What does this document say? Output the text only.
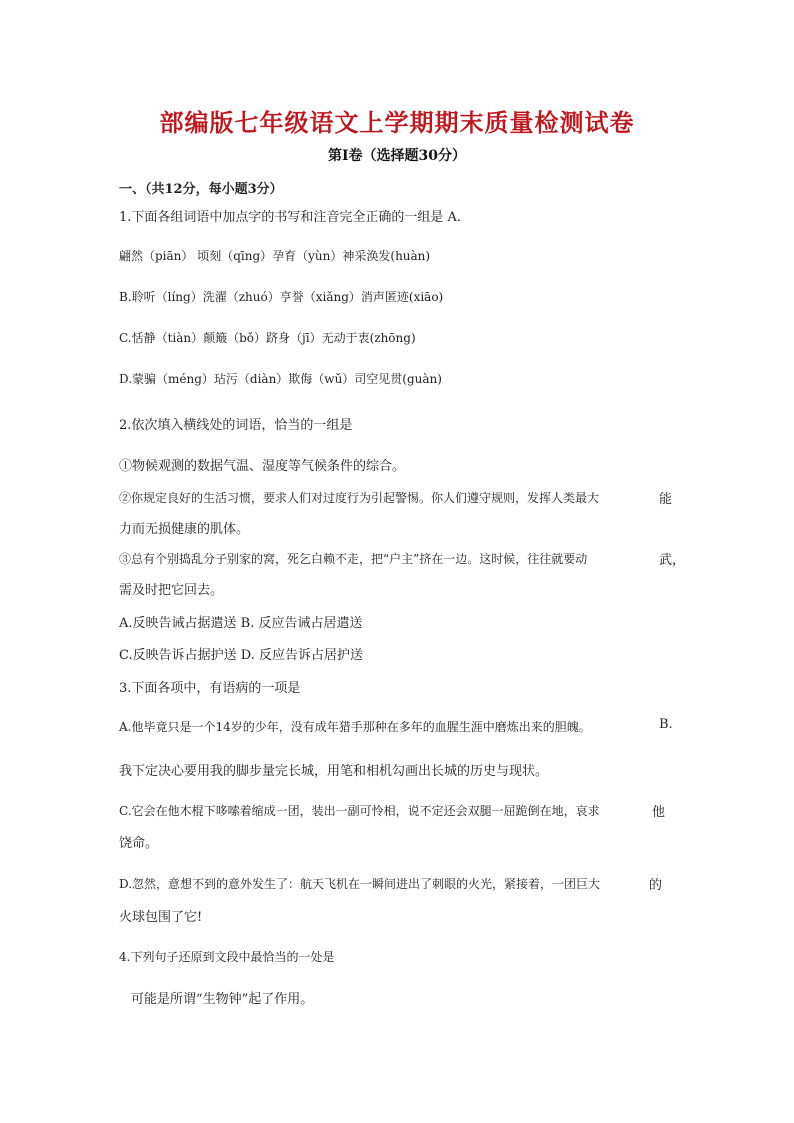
部编版七年级语文上学期期末质量检测试卷
第Ⅰ卷（选择题30分）
一、（共12分，每小题3分）
1.下面各组词语中加点字的书写和注音完全正确的一组是 A.
翩然（piān） 顷刻（qīng）孕育（yùn）神采涣发(huàn)
B.聆听（líng）洗濯（zhuó）亨誉（xiǎng）消声匿迹(xiāo)
C.恬静（tiàn）颠簸（bǒ）跻身（jī）无动于衷(zhōng)
D.蒙骗（méng）玷污（diàn）欺侮（wǔ）司空见贯(guàn)
2.依次填入横线处的词语，恰当的一组是
①物候观测的数据气温、湿度等气候条件的综合。
②你规定良好的生活习惯，要求人们对过度行为引起警惕。你人们遵守规则，发挥人类最大	能
力而无损健康的肌体。
③总有个别捣乱分子别家的窝，死乞白赖不走，把“户主”挤在一边。这时候，往往就要动	武，
需及时把它回去。
A.反映告诫占据遣送 B. 反应告诫占居遣送
C.反映告诉占据护送 D. 反应告诉占居护送
3.下面各项中，有语病的一项是
A.他毕竟只是一个14岁的少年，没有成年猎手那种在多年的血腥生涯中磨炼出来的胆魄。	B.
我下定决心要用我的脚步量完长城，用笔和相机勾画出长城的历史与现状。
C.它会在他木棍下哆嗦着缩成一团，装出一副可怜相，说不定还会双腿一屈跪倒在地，哀求	他
饶命。
D.忽然，意想不到的意外发生了：航天飞机在一瞬间进出了刺眼的火光，紧接着，一团巨大	的
火球包围了它!
4.下列句子还原到文段中最恰当的一处是
可能是所谓“生物钟”起了作用。
